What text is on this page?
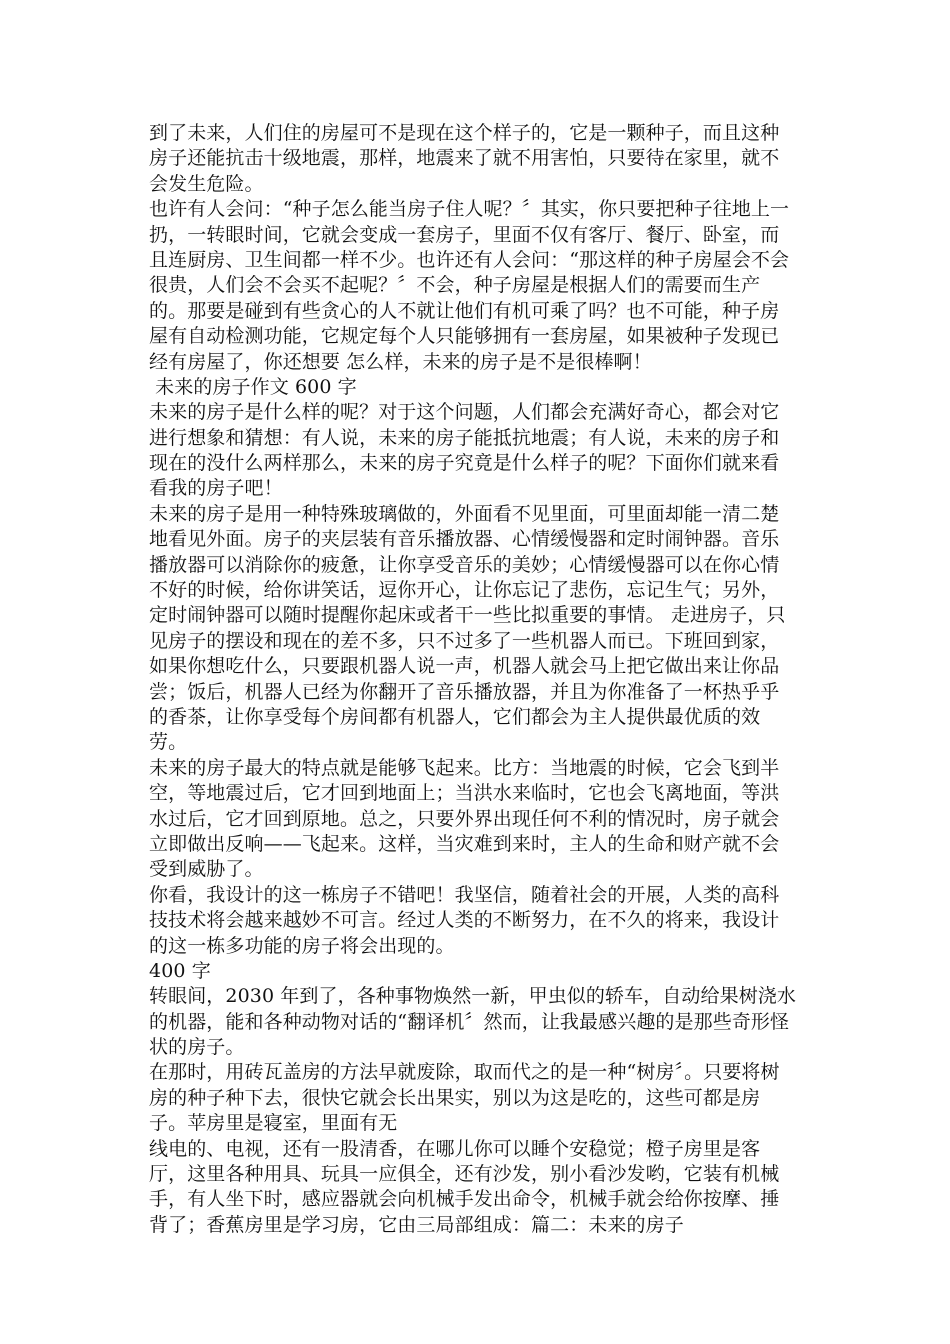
到了未来，人们住的房屋可不是现在这个样子的，它是一颗种子，而且这种
房子还能抗击十级地震，那样，地震来了就不用害怕，只要待在家里，就不
会发生危险。
也许有人会问：“种子怎么能当房子住人呢？〞其实，你只要把种子往地上一
扔，一转眼时间，它就会变成一套房子，里面不仅有客厅、餐厅、卧室，而
且连厨房、卫生间都一样不少。也许还有人会问：“那这样的种子房屋会不会
很贵，人们会不会买不起呢？〞不会，种子房屋是根据人们的需要而生产
的。那要是碰到有些贪心的人不就让他们有机可乘了吗？也不可能，种子房
屋有自动检测功能，它规定每个人只能够拥有一套房屋，如果被种子发现已
经有房屋了，你还想要 怎么样，未来的房子是不是很棒啊！
未来的房子作文 600 字
未来的房子是什么样的呢？对于这个问题，人们都会充满好奇心，都会对它
进行想象和猜想：有人说，未来的房子能抵抗地震；有人说，未来的房子和
现在的没什么两样那么，未来的房子究竟是什么样子的呢？下面你们就来看
看我的房子吧！
未来的房子是用一种特殊玻璃做的，外面看不见里面，可里面却能一清二楚
地看见外面。房子的夹层装有音乐播放器、心情缓慢器和定时闹钟器。音乐
播放器可以消除你的疲惫，让你享受音乐的美妙；心情缓慢器可以在你心情
不好的时候，给你讲笑话，逗你开心，让你忘记了悲伤，忘记生气；另外，
定时闹钟器可以随时提醒你起床或者干一些比拟重要的事情。 走进房子，只
见房子的摆设和现在的差不多，只不过多了一些机器人而已。下班回到家，
如果你想吃什么，只要跟机器人说一声，机器人就会马上把它做出来让你品
尝；饭后，机器人已经为你翻开了音乐播放器，并且为你准备了一杯热乎乎
的香茶，让你享受每个房间都有机器人，它们都会为主人提供最优质的效
劳。
未来的房子最大的特点就是能够飞起来。比方：当地震的时候，它会飞到半
空，等地震过后，它才回到地面上；当洪水来临时，它也会飞离地面，等洪
水过后，它才回到原地。总之，只要外界出现任何不利的情况时，房子就会
立即做出反响——飞起来。这样，当灾难到来时，主人的生命和财产就不会
受到威胁了。
你看，我设计的这一栋房子不错吧！我坚信，随着社会的开展，人类的高科
技技术将会越来越妙不可言。经过人类的不断努力，在不久的将来，我设计
的这一栋多功能的房子将会出现的。
400 字
转眼间，2030 年到了，各种事物焕然一新，甲虫似的轿车，自动给果树浇水
的机器，能和各种动物对话的“翻译机〞然而，让我最感兴趣的是那些奇形怪
状的房子。
在那时，用砖瓦盖房的方法早就废除，取而代之的是一种“树房〞。只要将树
房的种子种下去，很快它就会长出果实，别以为这是吃的，这些可都是房
子。苹房里是寝室，里面有无
线电的、电视，还有一股清香，在哪儿你可以睡个安稳觉；橙子房里是客
厅，这里各种用具、玩具一应俱全，还有沙发，别小看沙发哟，它装有机械
手，有人坐下时，感应器就会向机械手发出命令，机械手就会给你按摩、捶
背了；香蕉房里是学习房，它由三局部组成：篇二：未来的房子
